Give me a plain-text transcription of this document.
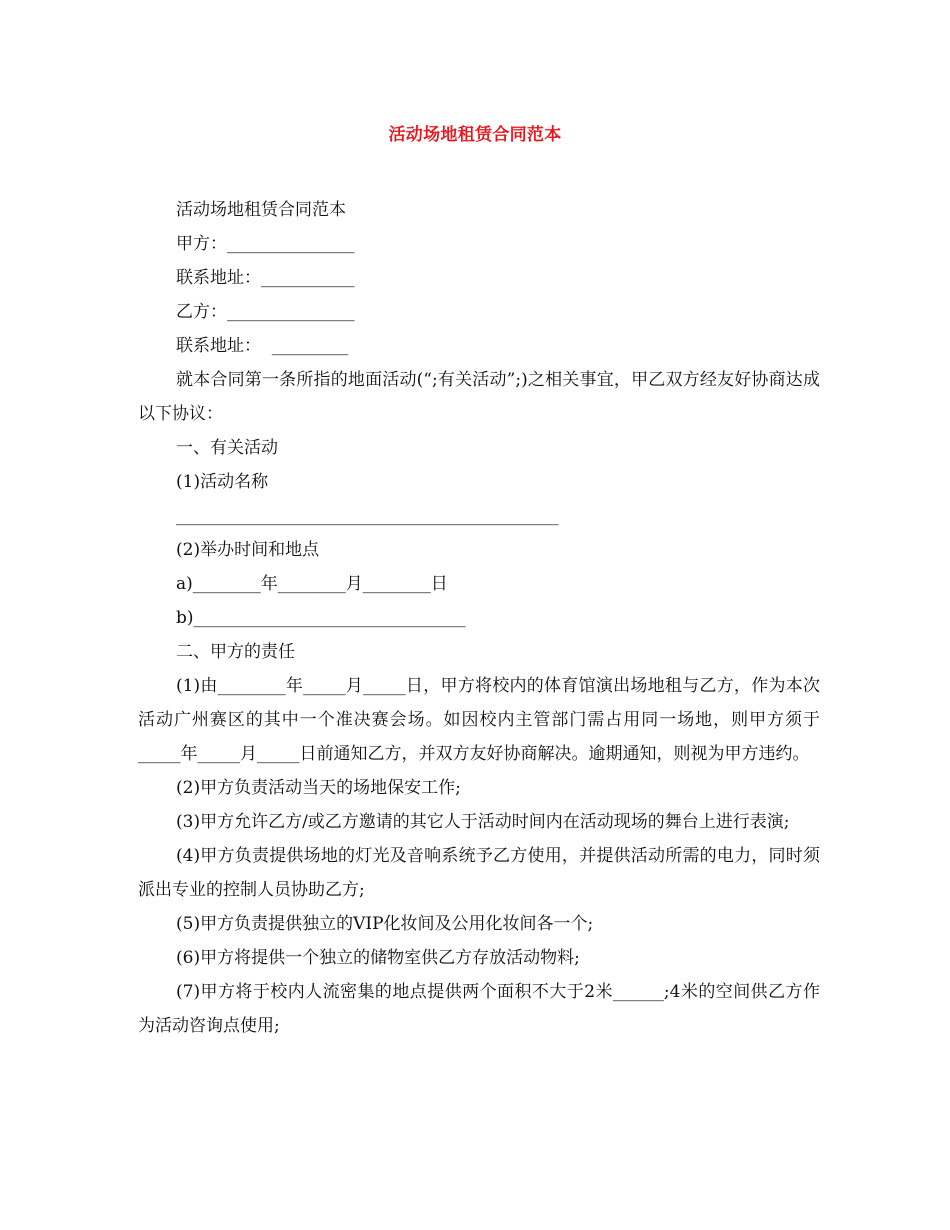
活动场地租赁合同范本

活动场地租赁合同范本

甲方：_______________

联系地址：___________

乙方：_______________

联系地址：  _________

就本合同第一条所指的地面活动(“;有关活动”;)之相关事宜，甲乙双方经友好协商达成以下协议：

一、有关活动

(1)活动名称

_____________________________________________

(2)举办时间和地点

a)________年________月________日

b)________________________________

二、甲方的责任

(1)由________年_____月_____日，甲方将校内的体育馆演出场地租与乙方，作为本次活动广州赛区的其中一个准决赛会场。如因校内主管部门需占用同一场地，则甲方须于_____年_____月_____日前通知乙方，并双方友好协商解决。逾期通知，则视为甲方违约。

(2)甲方负责活动当天的场地保安工作;

(3)甲方允许乙方/或乙方邀请的其它人于活动时间内在活动现场的舞台上进行表演;

(4)甲方负责提供场地的灯光及音响系统予乙方使用，并提供活动所需的电力，同时须派出专业的控制人员协助乙方;

(5)甲方负责提供独立的VIP化妆间及公用化妆间各一个;

(6)甲方将提供一个独立的储物室供乙方存放活动物料;

(7)甲方将于校内人流密集的地点提供两个面积不大于2米______;4米的空间供乙方作为活动咨询点使用;
